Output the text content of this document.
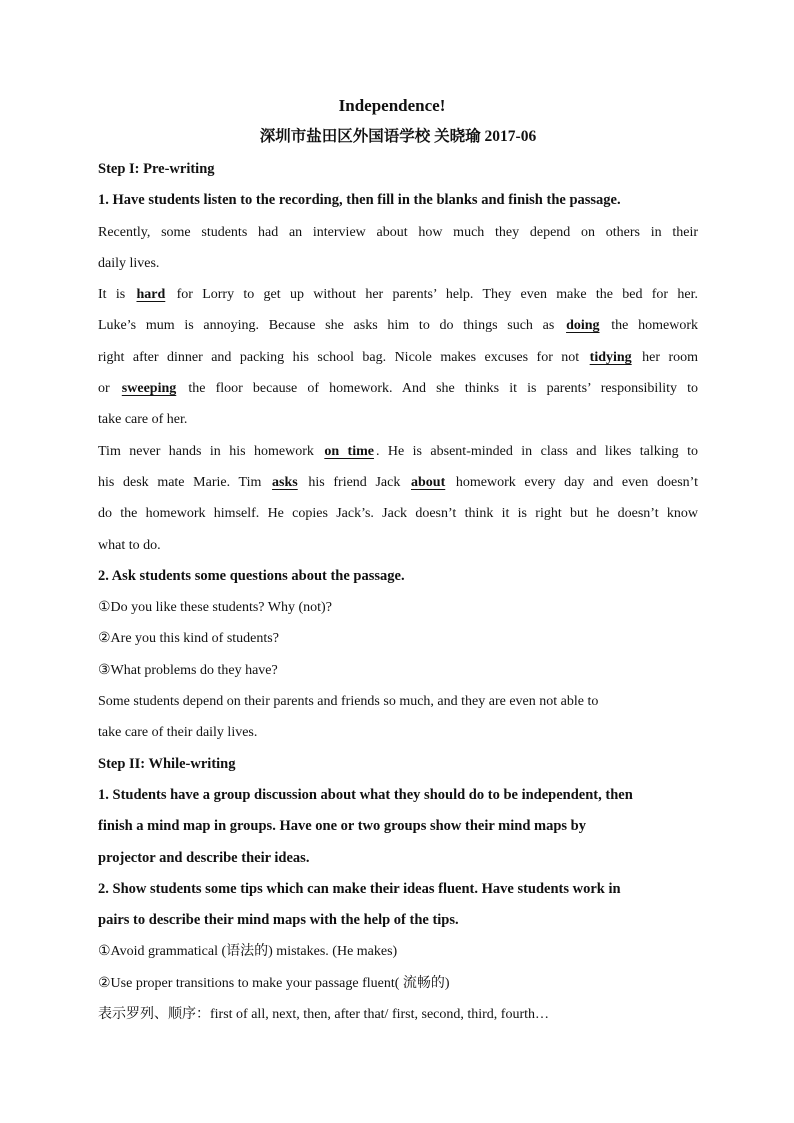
Independence!
深圳市盐田区外国语学校 关晓瑜 2017-06
Step I: Pre-writing
1. Have students listen to the recording, then fill in the blanks and finish the passage.
Recently, some students had an interview about how much they depend on others in their
daily lives.
It is hard for Lorry to get up without her parents’ help. They even make the bed for her.
Luke’s mum is annoying. Because she asks him to do things such as doing the homework
right after dinner and packing his school bag. Nicole makes excuses for not tidying her room
or sweeping the floor because of homework. And she thinks it is parents’ responsibility to
take care of her.
Tim never hands in his homework on time . He is absent-minded in class and likes talking to
his desk mate Marie. Tim asks his friend Jack about homework every day and even doesn’t
do the homework himself. He copies Jack’s. Jack doesn’t think it is right but he doesn’t know
what to do.
2. Ask students some questions about the passage.
①Do you like these students? Why (not)?
②Are you this kind of students?
③What problems do they have?
Some students depend on their parents and friends so much, and they are even not able to
take care of their daily lives.
Step II: While-writing
1. Students have a group discussion about what they should do to be independent, then
finish a mind map in groups. Have one or two groups show their mind maps by
projector and describe their ideas.
2. Show students some tips which can make their ideas fluent. Have students work in
pairs to describe their mind maps with the help of the tips.
①Avoid grammatical (语法的) mistakes. (He makes)
②Use proper transitions to make your passage fluent( 流畅的)
表示罗列、顺序：first of all, next, then, after that/ first, second, third, fourth…
